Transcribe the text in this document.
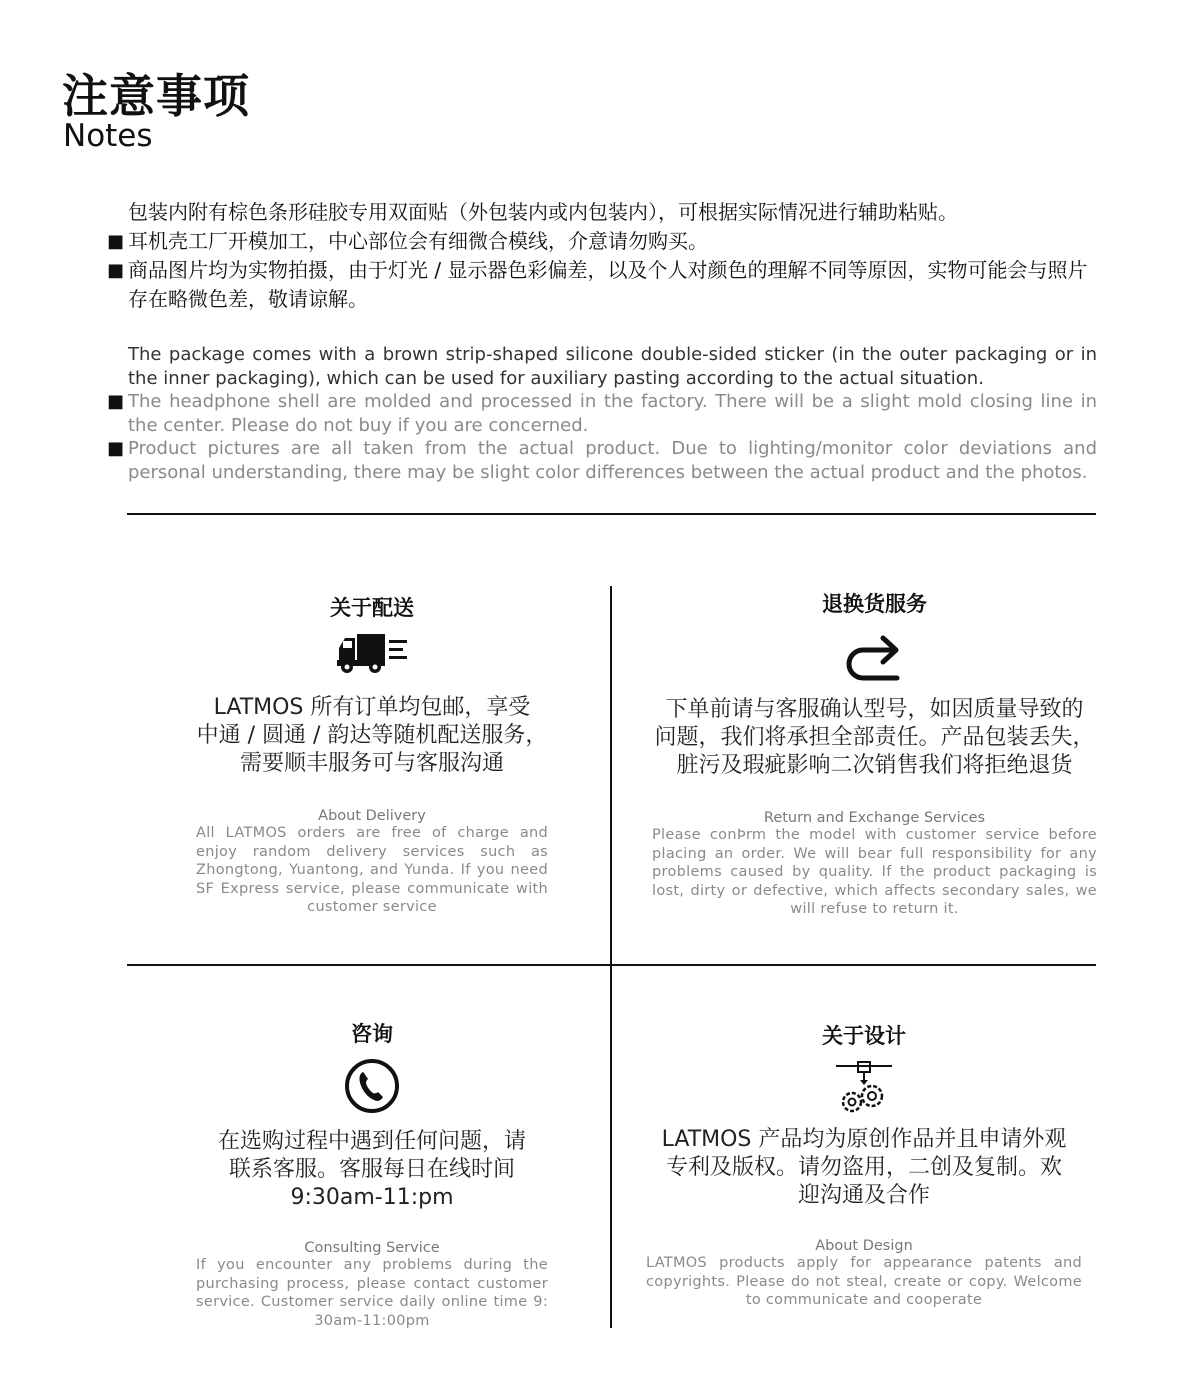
注意事项
Notes

包装内附有棕色条形硅胶专用双面贴（外包装内或内包装内），可根据实际情况进行辅助粘贴。

■ 耳机壳工厂开模加工，中心部位会有细微合模线，介意请勿购买。
■ 商品图片均为实物拍摄，由于灯光 / 显示器色彩偏差，以及个人对颜色的理解不同等原因，实物可能会与照片存在略微色差，敬请谅解。
The package comes with a brown strip-shaped silicone double-sided sticker (in the outer packaging or in the inner packaging), which can be used for auxiliary pasting according to the actual situation.
■ The headphone shell are molded and processed in the factory. There will be a slight mold closing line in the center. Please do not buy if you are concerned.
■ Product pictures are all taken from the actual product. Due to lighting/monitor color deviations and personal understanding, there may be slight color differences between the actual product and the photos.
关于配送
LATMOS 所有订单均包邮，享受
中通 / 圆通 / 韵达等随机配送服务，
需要顺丰服务可与客服沟通
About Delivery
All LATMOS orders are free of charge and enjoy random delivery services such as Zhongtong, Yuantong, and Yunda. If you need SF Express service, please communicate with customer service
退换货服务
下单前请与客服确认型号，如因质量导致的
问题，我们将承担全部责任。产品包装丢失，
脏污及瑕疵影响二次销售我们将拒绝退货
Return and Exchange Services
Please conÞrm the model with customer service before placing an order. We will bear full responsibility for any problems caused by quality. If the product packaging is lost, dirty or defective, which affects secondary sales, we will refuse to return it.
咨询
在选购过程中遇到任何问题，请
联系客服。客服每日在线时间
9:30am-11:pm
Consulting Service
If you encounter any problems during the purchasing process, please contact customer service. Customer service daily online time 9: 30am-11:00pm
关于设计
LATMOS 产品均为原创作品并且申请外观
专利及版权。请勿盗用，二创及复制。欢
迎沟通及合作
About Design
LATMOS products apply for appearance patents and copyrights. Please do not steal, create or copy. Welcome to communicate and cooperate
